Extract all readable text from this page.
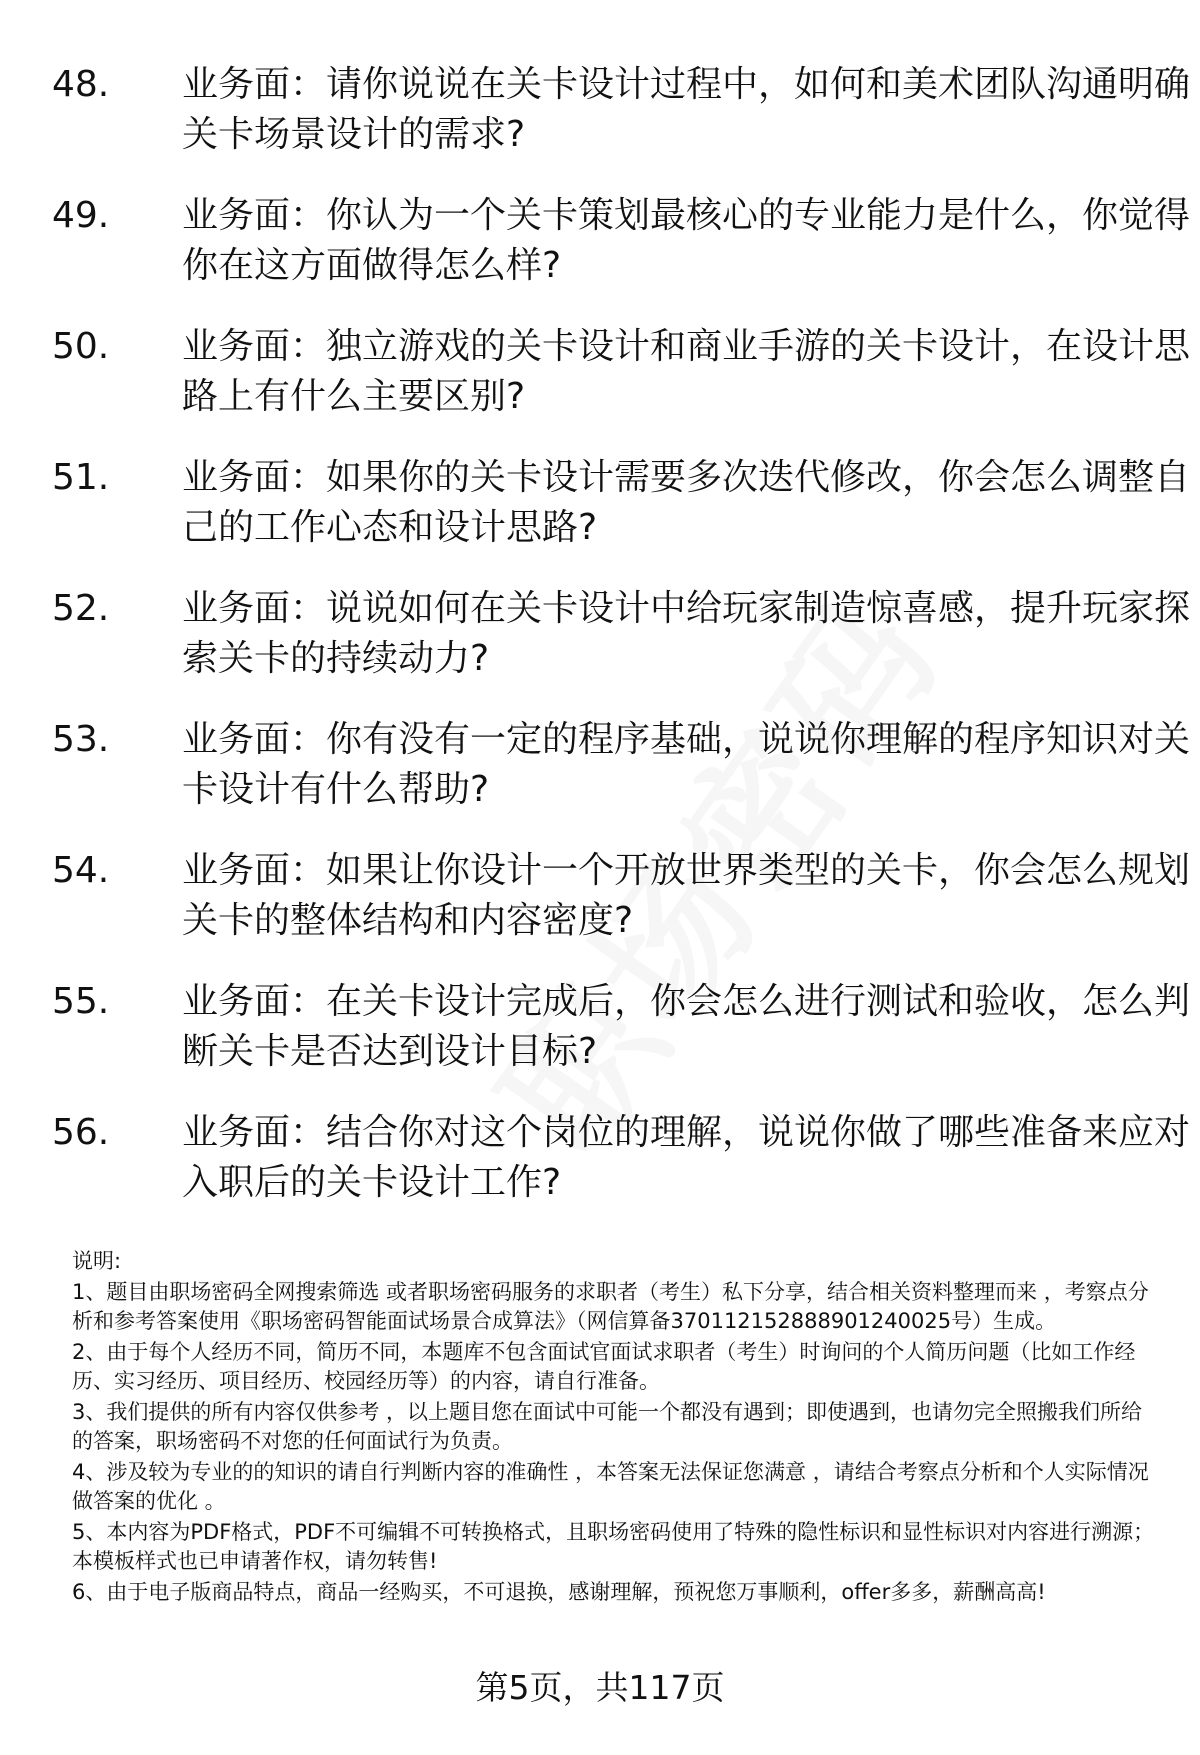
48.	业务面：请你说说在关卡设计过程中，如何和美术团队沟通明确关卡场景设计的需求?
49.	业务面：你认为一个关卡策划最核心的专业能力是什么，你觉得你在这方面做得怎么样?
50.	业务面：独立游戏的关卡设计和商业手游的关卡设计，在设计思路上有什么主要区别?
51.	业务面：如果你的关卡设计需要多次迭代修改，你会怎么调整自己的工作心态和设计思路?
52.	业务面：说说如何在关卡设计中给玩家制造惊喜感，提升玩家探索关卡的持续动力?
53.	业务面：你有没有一定的程序基础，说说你理解的程序知识对关卡设计有什么帮助?
54.	业务面：如果让你设计一个开放世界类型的关卡，你会怎么规划关卡的整体结构和内容密度?
55.	业务面：在关卡设计完成后，你会怎么进行测试和验收，怎么判断关卡是否达到设计目标?
56.	业务面：结合你对这个岗位的理解，说说你做了哪些准备来应对入职后的关卡设计工作?
说明:
1、题目由职场密码全网搜索筛选 或者职场密码服务的求职者（考生）私下分享，结合相关资料整理而来 ，考察点分析和参考答案使用《职场密码智能面试场景合成算法》（网信算备370112152888901240025号）生成。
2、由于每个人经历不同，简历不同，本题库不包含面试官面试求职者（考生）时询问的个人简历问题（比如工作经历、实习经历、项目经历、校园经历等）的内容，请自行准备。
3、我们提供的所有内容仅供参考 ，以上题目您在面试中可能一个都没有遇到；即使遇到，也请勿完全照搬我们所给的答案，职场密码不对您的任何面试行为负责。
4、涉及较为专业的的知识的请自行判断内容的准确性 ，本答案无法保证您满意 ，请结合考察点分析和个人实际情况做答案的优化 。
5、本内容为PDF格式，PDF不可编辑不可转换格式，且职场密码使用了特殊的隐性标识和显性标识对内容进行溯源；本模板样式也已申请著作权，请勿转售!
6、由于电子版商品特点，商品一经购买，不可退换，感谢理解，预祝您万事顺利，offer多多，薪酬高高!
第5页，共117页
